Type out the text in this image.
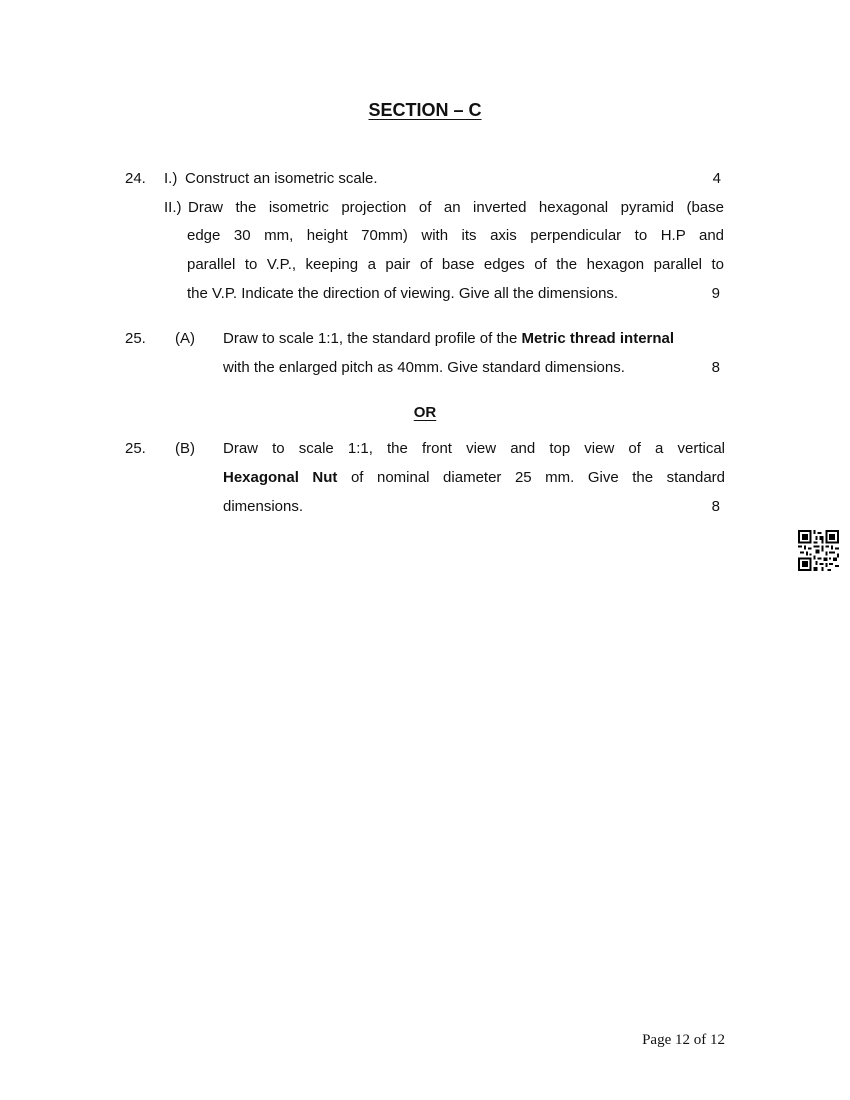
SECTION – C
24. I.) Construct an isometric scale.	4
II.) Draw the isometric projection of an inverted hexagonal pyramid (base
edge 30 mm, height 70mm) with its axis perpendicular to H.P and
parallel to V.P., keeping a pair of base edges of the hexagon parallel to
the V.P. Indicate the direction of viewing. Give all the dimensions.	9
25. (A) Draw to scale 1:1, the standard profile of the Metric thread internal
with the enlarged pitch as 40mm. Give standard dimensions.	8
OR
25. (B) Draw to scale 1:1, the front view and top view of a vertical
Hexagonal Nut of nominal diameter 25 mm. Give the standard
dimensions.	8
Page 12 of 12
